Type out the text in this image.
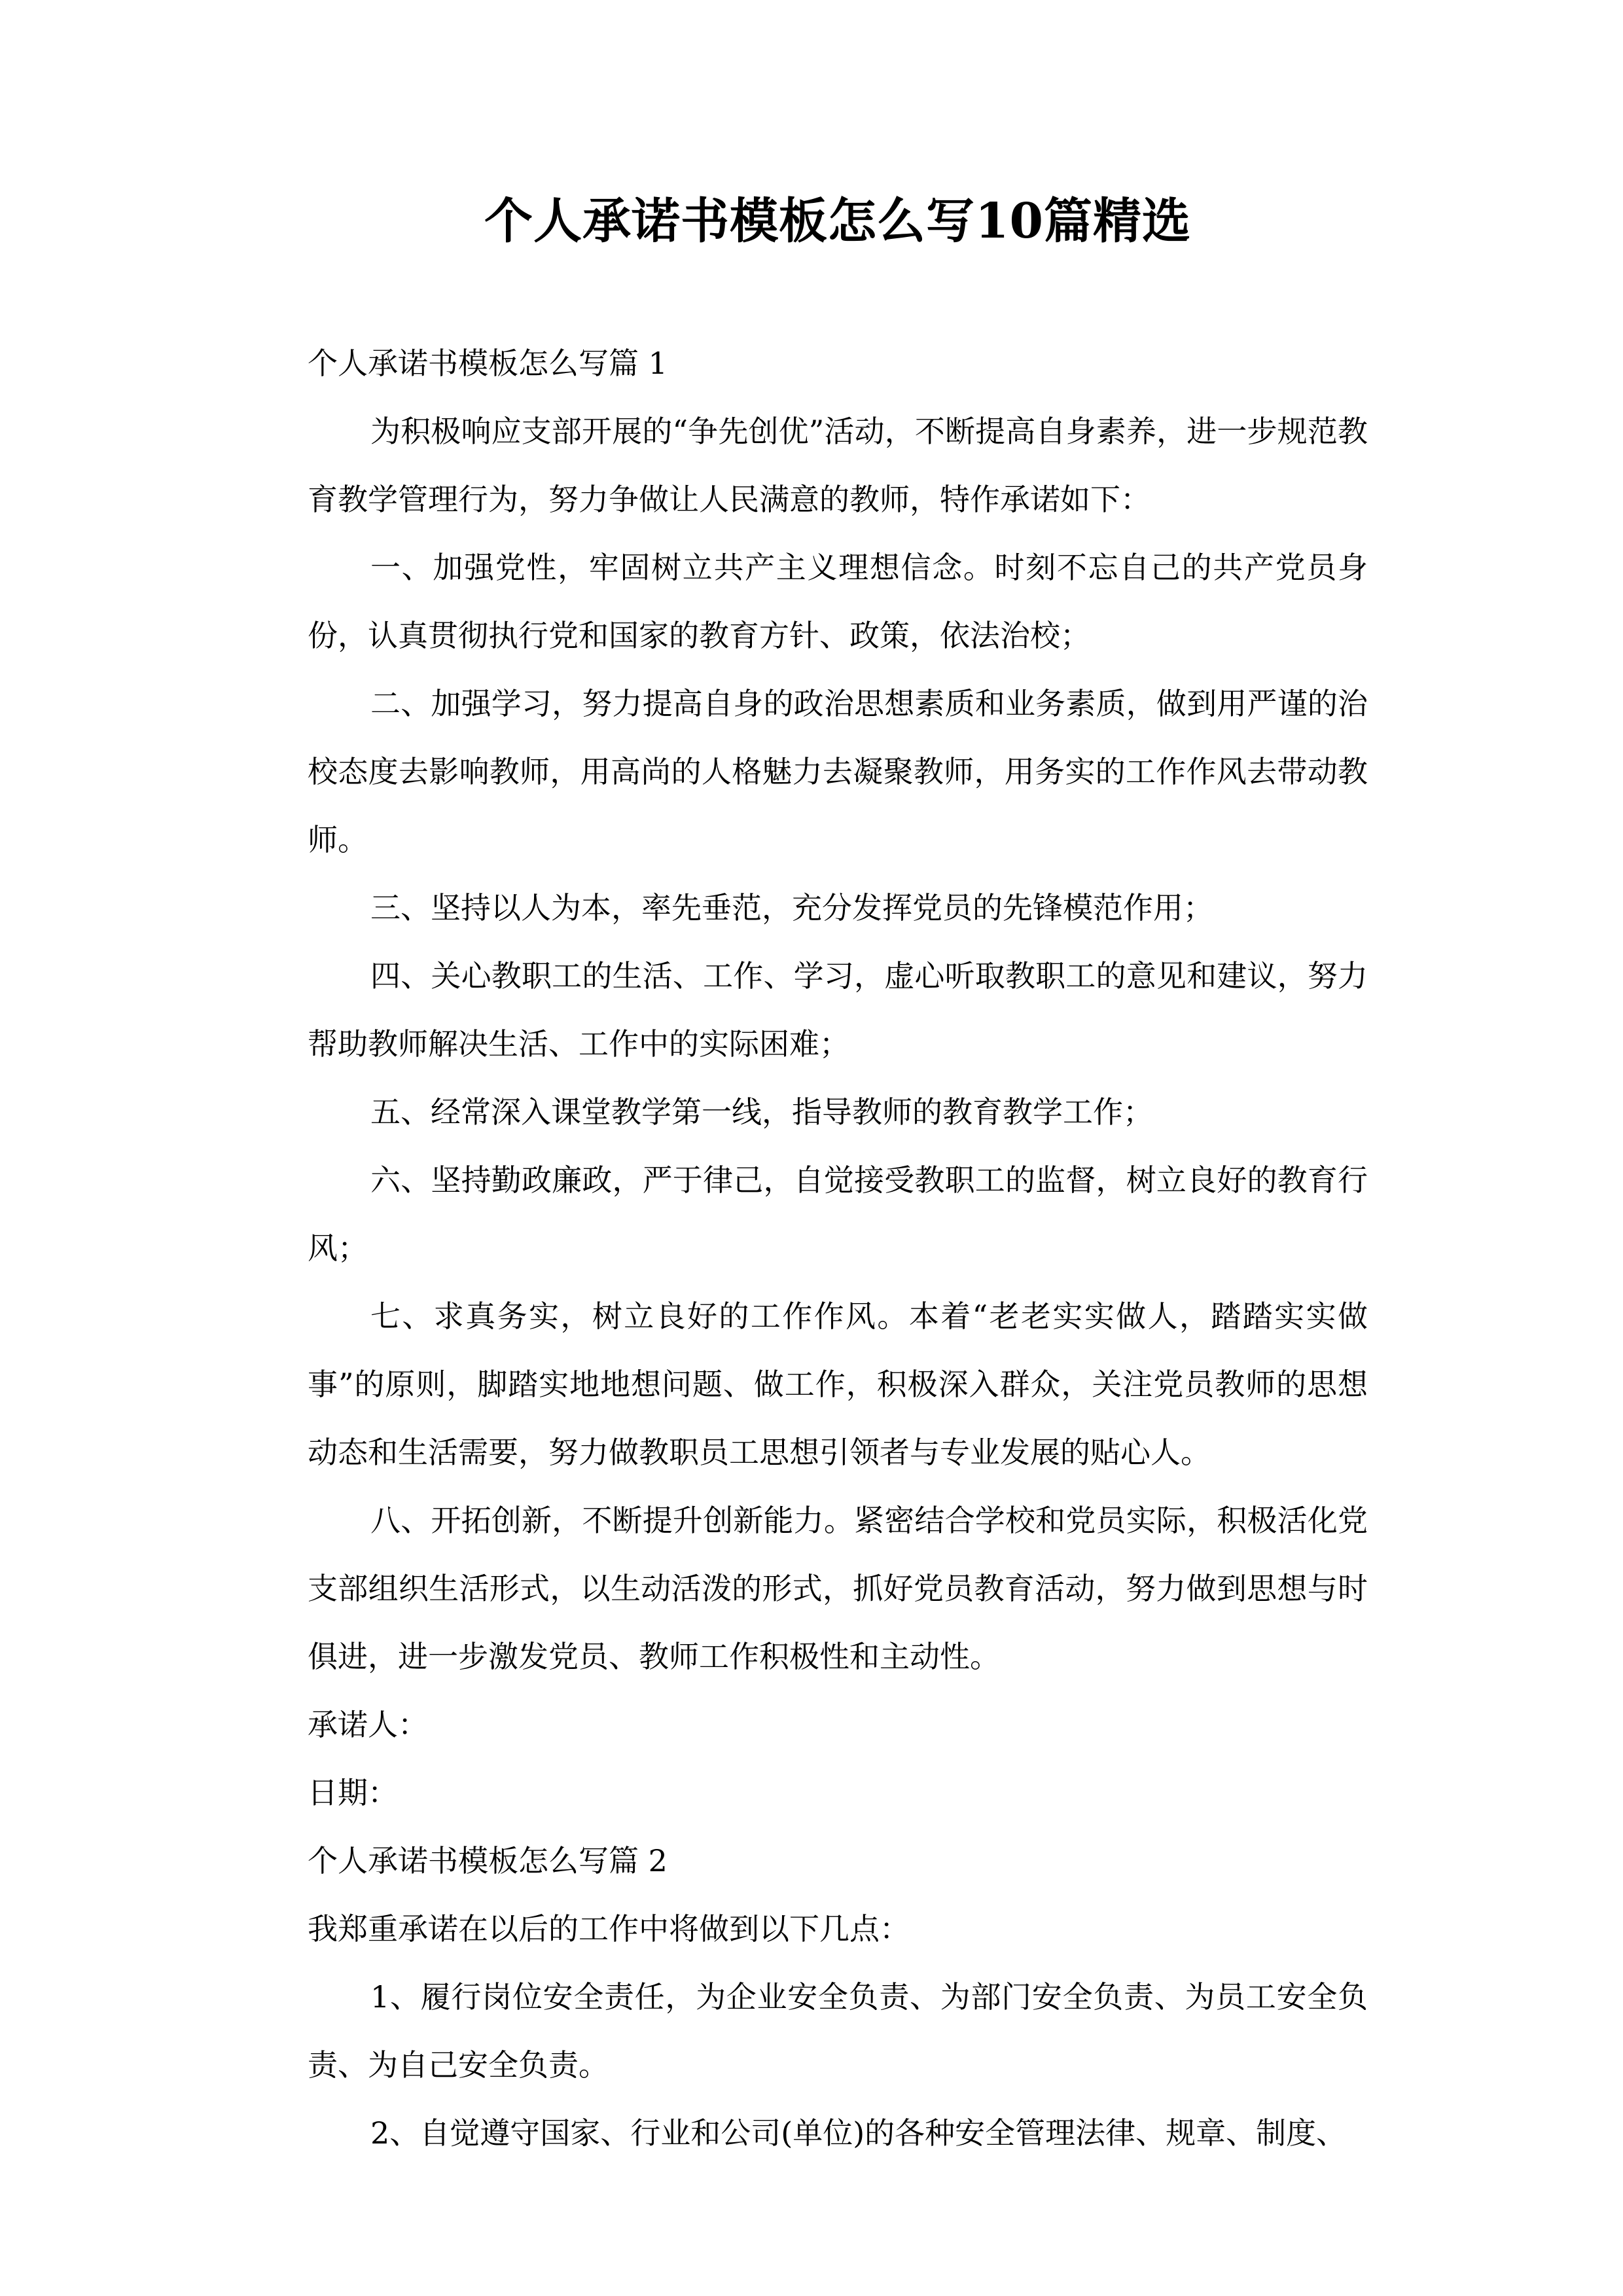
个人承诺书模板怎么写10篇精选

个人承诺书模板怎么写篇 1

为积极响应支部开展的“争先创优”活动，不断提高自身素养，进一步规范教育教学管理行为，努力争做让人民满意的教师，特作承诺如下：

一、加强党性，牢固树立共产主义理想信念。时刻不忘自己的共产党员身份，认真贯彻执行党和国家的教育方针、政策，依法治校；

二、加强学习，努力提高自身的政治思想素质和业务素质，做到用严谨的治校态度去影响教师，用高尚的人格魅力去凝聚教师，用务实的工作作风去带动教师。

三、坚持以人为本，率先垂范，充分发挥党员的先锋模范作用；

四、关心教职工的生活、工作、学习，虚心听取教职工的意见和建议，努力帮助教师解决生活、工作中的实际困难；

五、经常深入课堂教学第一线，指导教师的教育教学工作；

六、坚持勤政廉政，严于律己，自觉接受教职工的监督，树立良好的教育行风；

七、求真务实，树立良好的工作作风。本着“老老实实做人，踏踏实实做事”的原则，脚踏实地地想问题、做工作，积极深入群众，关注党员教师的思想动态和生活需要，努力做教职员工思想引领者与专业发展的贴心人。

八、开拓创新，不断提升创新能力。紧密结合学校和党员实际，积极活化党支部组织生活形式，以生动活泼的形式，抓好党员教育活动，努力做到思想与时俱进，进一步激发党员、教师工作积极性和主动性。

承诺人：

日期：

个人承诺书模板怎么写篇 2

我郑重承诺在以后的工作中将做到以下几点：

1、履行岗位安全责任，为企业安全负责、为部门安全负责、为员工安全负责、为自己安全负责。

2、自觉遵守国家、行业和公司(单位)的各种安全管理法律、规章、制度、
